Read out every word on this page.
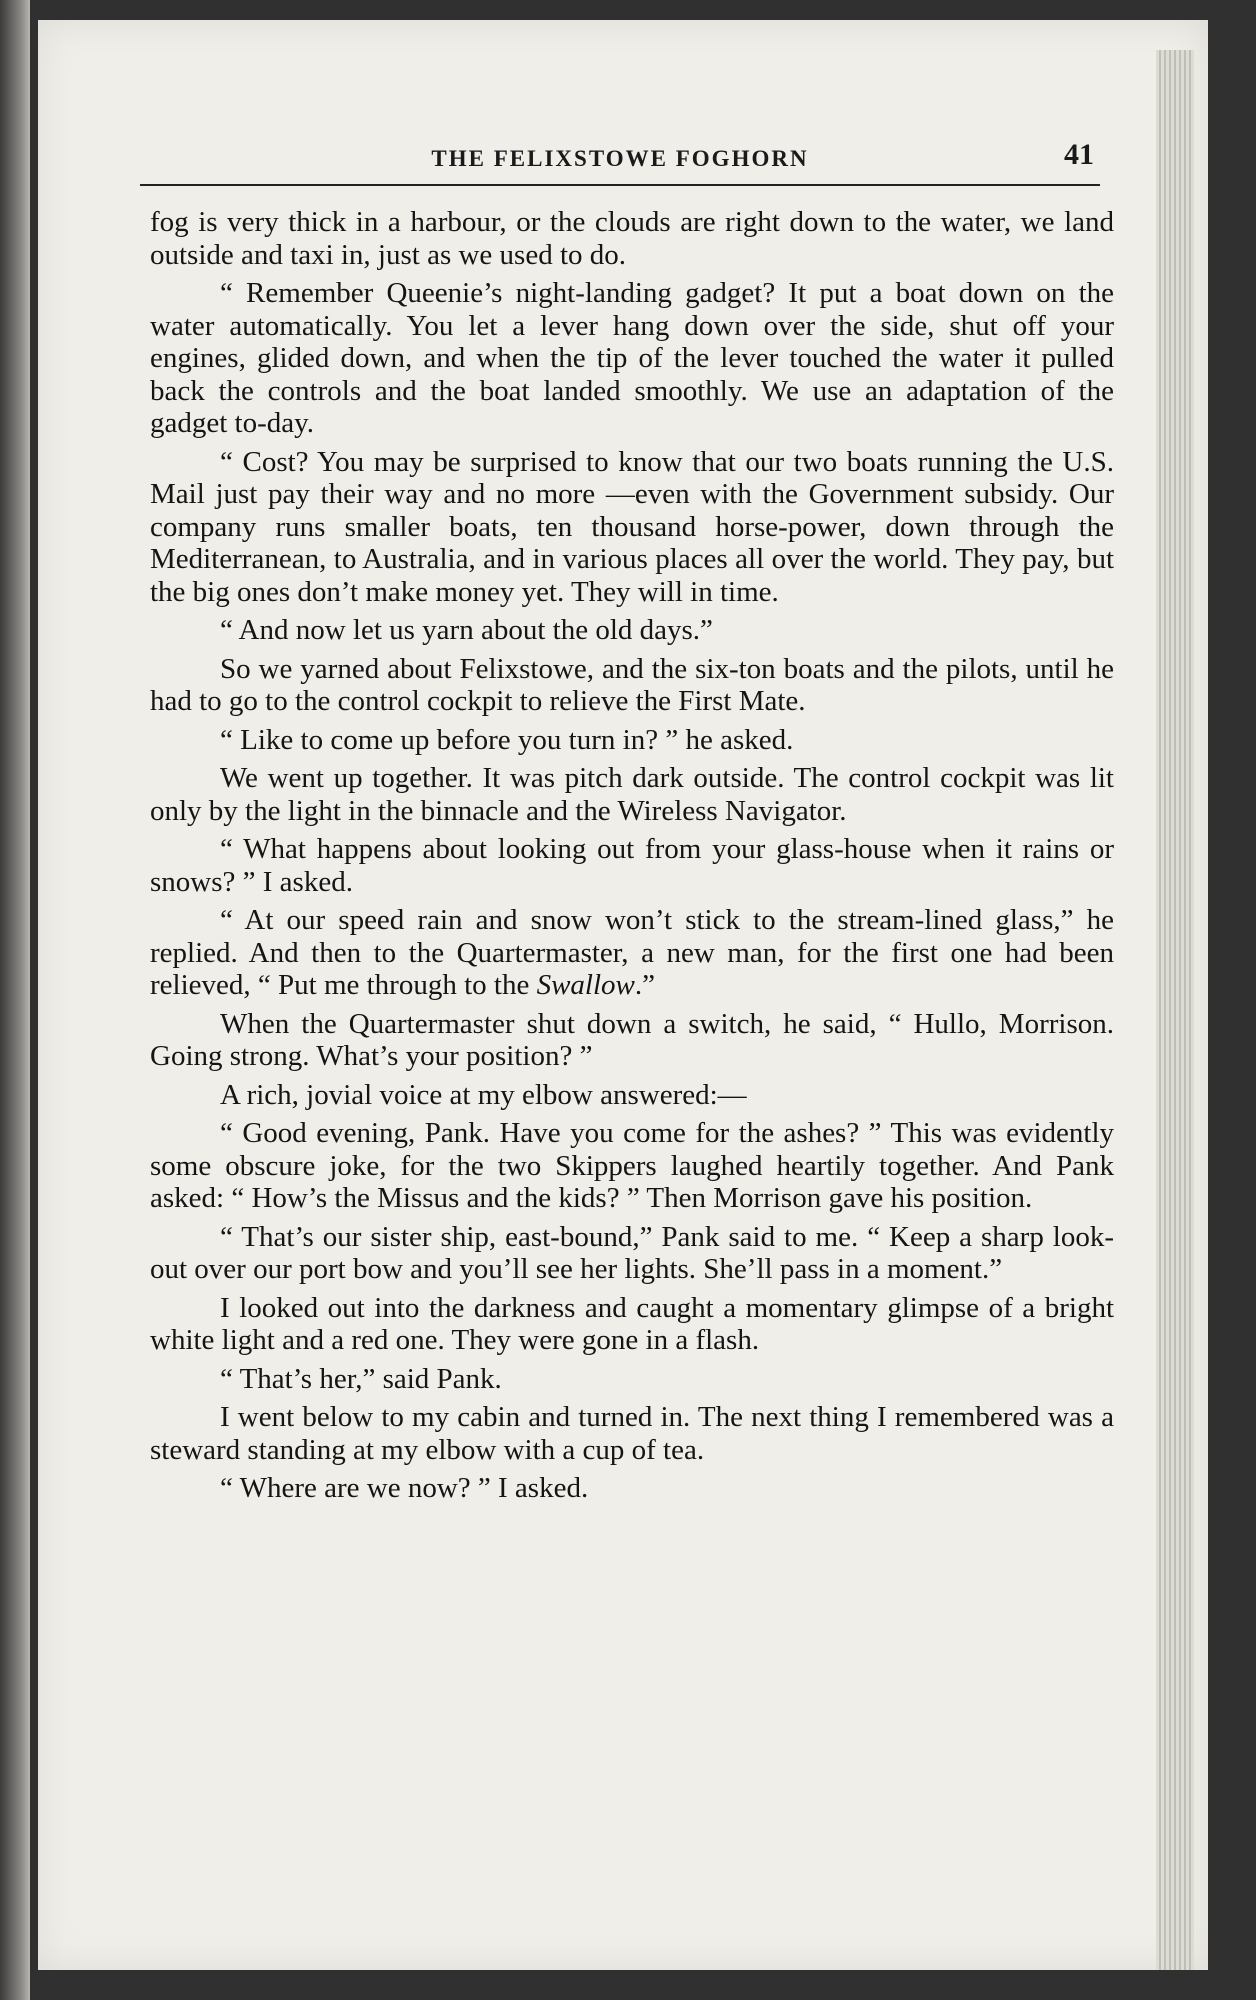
THE FELIXSTOWE FOGHORN	41

fog is very thick in a harbour, or the clouds are right down to the water, we land outside and taxi in, just as we used to do.

“ Remember Queenie’s night-landing gadget? It put a boat down on the water automatically. You let a lever hang down over the side, shut off your engines, glided down, and when the tip of the lever touched the water it pulled back the controls and the boat landed smoothly. We use an adaptation of the gadget to-day.

“ Cost? You may be surprised to know that our two boats running the U.S. Mail just pay their way and no more —even with the Government subsidy. Our company runs smaller boats, ten thousand horse-power, down through the Mediterranean, to Australia, and in various places all over the world. They pay, but the big ones don’t make money yet. They will in time.

“ And now let us yarn about the old days.”

So we yarned about Felixstowe, and the six-ton boats and the pilots, until he had to go to the control cockpit to relieve the First Mate.

“ Like to come up before you turn in? ” he asked.

We went up together. It was pitch dark outside. The control cockpit was lit only by the light in the binnacle and the Wireless Navigator.

“ What happens about looking out from your glass-house when it rains or snows? ” I asked.

“ At our speed rain and snow won’t stick to the stream-lined glass,” he replied. And then to the Quartermaster, a new man, for the first one had been relieved, “ Put me through to the Swallow.”

When the Quartermaster shut down a switch, he said, “ Hullo, Morrison. Going strong. What’s your position? ”

A rich, jovial voice at my elbow answered:—

“ Good evening, Pank. Have you come for the ashes? ” This was evidently some obscure joke, for the two Skippers laughed heartily together. And Pank asked: “ How’s the Missus and the kids? ” Then Morrison gave his position.

“ That’s our sister ship, east-bound,” Pank said to me. “ Keep a sharp look-out over our port bow and you’ll see her lights. She’ll pass in a moment.”

I looked out into the darkness and caught a momentary glimpse of a bright white light and a red one. They were gone in a flash.

“ That’s her,” said Pank.

I went below to my cabin and turned in. The next thing I remembered was a steward standing at my elbow with a cup of tea.

“ Where are we now? ” I asked.
